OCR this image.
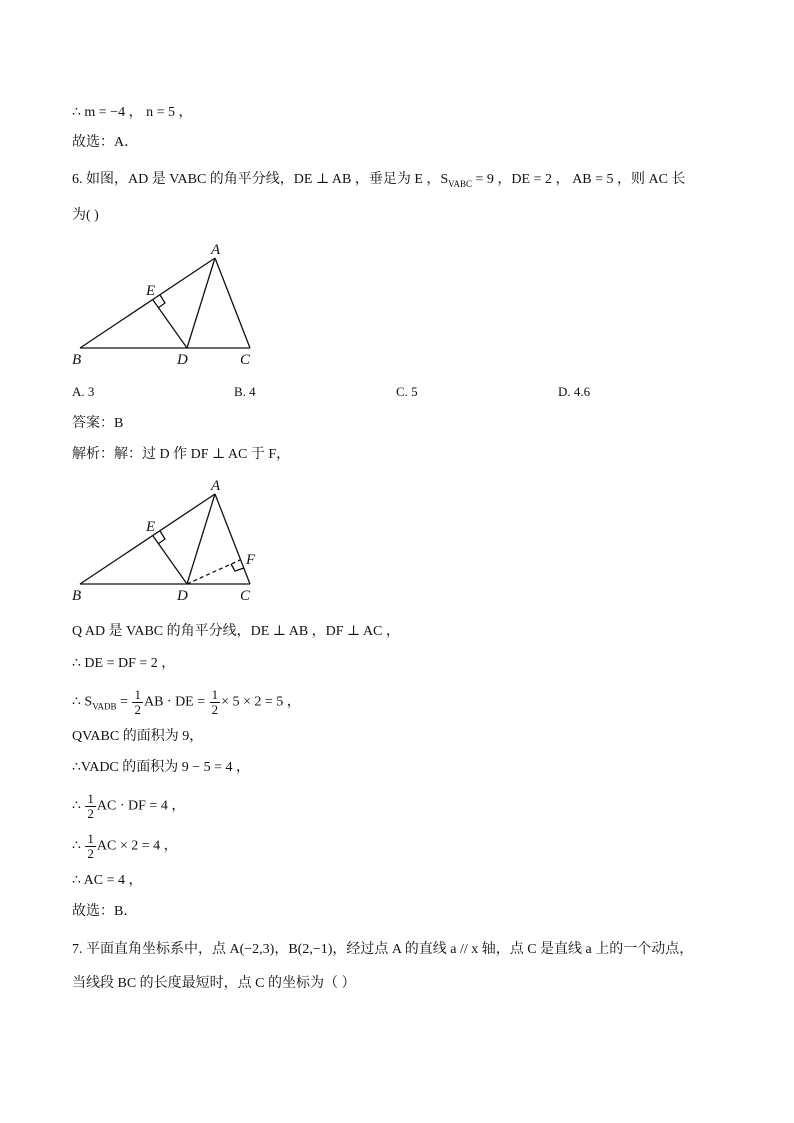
∴ m = −4 ， n = 5 ，
故选：A．
6. 如图，AD 是 VABC 的角平分线，DE ⊥ AB ，垂足为 E ，$S_{VABC} = 9$ ，DE = 2 ， AB = 5 ，则 AC 长
为( )
A
E
B	D	C
A. 3	B. 4	C. 5	D. 4.6
答案：B
解析：解：过 D 作 DF ⊥ AC 于 F，
A
E
F
B	D	C
Q AD 是 VABC 的角平分线，DE ⊥ AB ，DF ⊥ AC ，
∴ DE = DF = 2 ，
∴ $S_{VADB} = \frac{1}{2}$ AB · DE = $\frac{1}{2} \times 5 \times 2 = 5$ ，
QVABC 的面积为 9，
∴VADC 的面积为 9 − 5 = 4 ，
∴ $\frac{1}{2}$ AC · DF = 4 ，
∴ $\frac{1}{2}$ AC × 2 = 4 ，
∴ AC = 4 ，
故选：B．
7. 平面直角坐标系中，点 A(−2,3)，B(2,−1)，经过点 A 的直线 a // x 轴，点 C 是直线 a 上的一个动点，
当线段 BC 的长度最短时，点 C 的坐标为（ ）
